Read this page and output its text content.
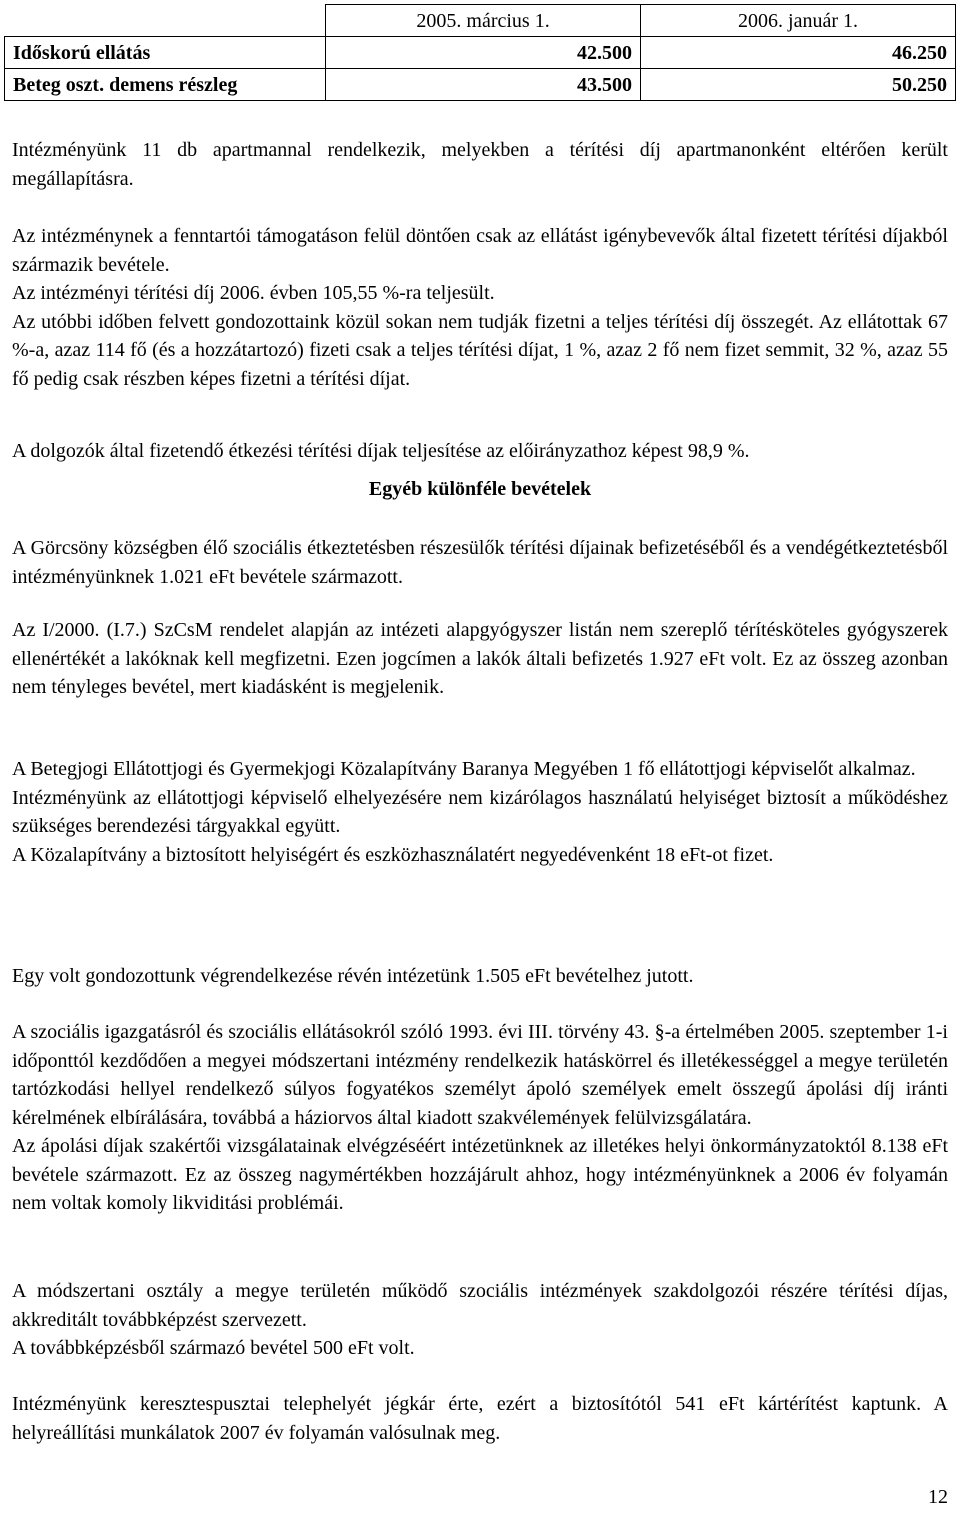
	2005. március 1.	2006. január 1.
Időskorú ellátás	42.500	46.250
Beteg oszt. demens részleg	43.500	50.250

Intézményünk 11 db apartmannal rendelkezik, melyekben a térítési díj apartmanonként eltérően került megállapításra.

Az intézménynek a fenntartói támogatáson felül döntően csak az ellátást igénybevevők által fizetett térítési díjakból származik bevétele.

Az intézményi térítési díj 2006. évben 105,55 %-ra teljesült.

Az utóbbi időben felvett gondozottaink közül sokan nem tudják fizetni a teljes térítési díj összegét. Az ellátottak 67 %-a, azaz 114 fő (és a hozzátartozó) fizeti csak a teljes térítési díjat, 1 %, azaz 2 fő nem fizet semmit, 32 %, azaz 55 fő pedig csak részben képes fizetni a térítési díjat.

A dolgozók által fizetendő étkezési térítési díjak teljesítése az előirányzathoz képest 98,9 %.

Egyéb különféle bevételek

A Görcsöny községben élő szociális étkeztetésben részesülők térítési díjainak befizetéséből és a vendégétkeztetésből intézményünknek 1.021 eFt bevétele származott.

Az I/2000. (I.7.) SzCsM rendelet alapján az intézeti alapgyógyszer listán nem szereplő térítésköteles gyógyszerek ellenértékét a lakóknak kell megfizetni. Ezen jogcímen a lakók általi befizetés 1.927 eFt volt. Ez az összeg azonban nem tényleges bevétel, mert kiadásként is megjelenik.

A Betegjogi Ellátottjogi és Gyermekjogi Közalapítvány Baranya Megyében 1 fő ellátottjogi képviselőt alkalmaz.

Intézményünk az ellátottjogi képviselő elhelyezésére nem kizárólagos használatú helyiséget biztosít a működéshez szükséges berendezési tárgyakkal együtt.

A Közalapítvány a biztosított helyiségért és eszközhasználatért negyedévenként 18 eFt-ot fizet.

Egy volt gondozottunk végrendelkezése révén intézetünk 1.505 eFt bevételhez jutott.

A szociális igazgatásról és szociális ellátásokról szóló 1993. évi III. törvény 43. §-a értelmében 2005. szeptember 1-i időponttól kezdődően a megyei módszertani intézmény rendelkezik hatáskörrel és illetékességgel a megye területén tartózkodási hellyel rendelkező súlyos fogyatékos személyt ápoló személyek emelt összegű ápolási díj iránti kérelmének elbírálására, továbbá a háziorvos által kiadott szakvélemények felülvizsgálatára.

Az ápolási díjak szakértői vizsgálatainak elvégzéséért intézetünknek az illetékes helyi önkormányzatoktól 8.138 eFt bevétele származott. Ez az összeg nagymértékben hozzájárult ahhoz, hogy intézményünknek a 2006 év folyamán nem voltak komoly likviditási problémái.

A módszertani osztály a megye területén működő szociális intézmények szakdolgozói részére térítési díjas, akkreditált továbbképzést szervezett.

A továbbképzésből származó bevétel 500 eFt volt.

Intézményünk keresztespusztai telephelyét jégkár érte, ezért a biztosítótól 541 eFt kártérítést kaptunk. A helyreállítási munkálatok 2007 év folyamán valósulnak meg.

12
